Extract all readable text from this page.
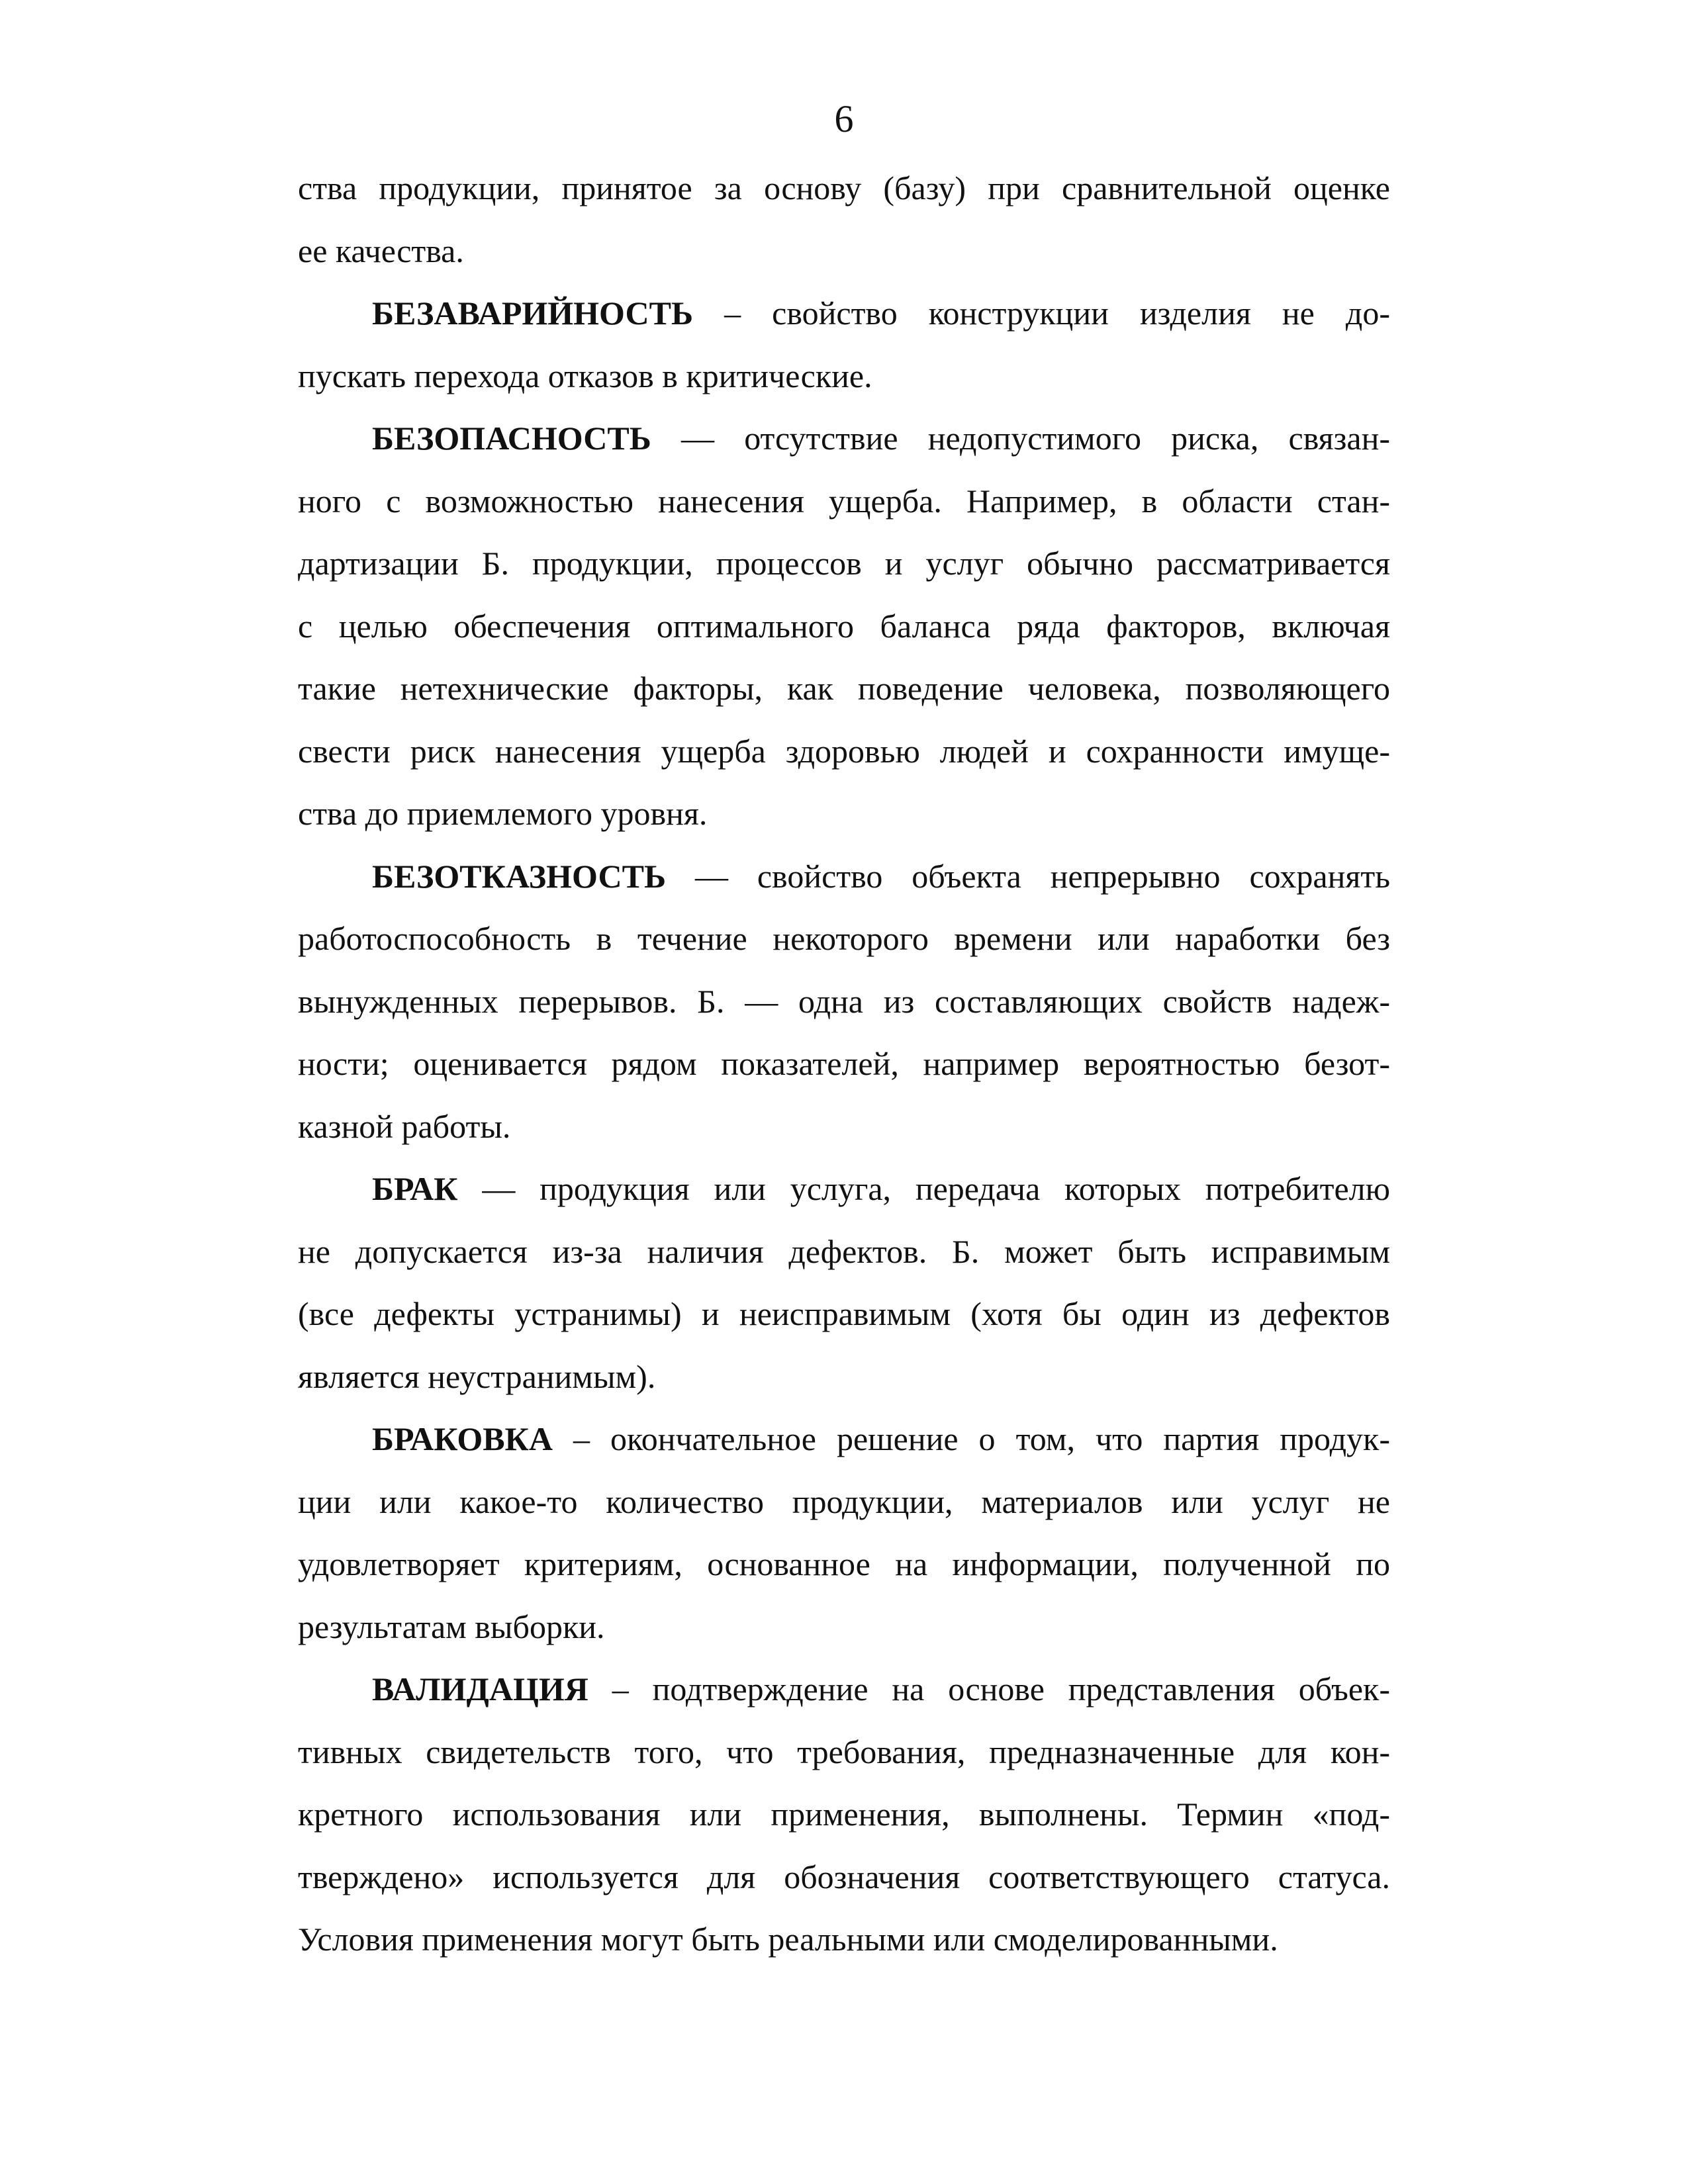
6
ства продукции, принятое за основу (базу) при сравнительной оценке
ее качества.
БЕЗАВАРИЙНОСТЬ – свойство конструкции изделия не до-
пускать перехода отказов в критические.
БЕЗОПАСНОСТЬ — отсутствие недопустимого риска, связан-
ного с возможностью нанесения ущерба. Например, в области стан-
дартизации Б. продукции, процессов и услуг обычно рассматривается
с целью обеспечения оптимального баланса ряда факторов, включая
такие нетехнические факторы, как поведение человека, позволяющего
свести риск нанесения ущерба здоровью людей и сохранности имуще-
ства до приемлемого уровня.
БЕЗОТКАЗНОСТЬ — свойство объекта непрерывно сохранять
работоспособность в течение некоторого времени или наработки без
вынужденных перерывов. Б. — одна из составляющих свойств надеж-
ности; оценивается рядом показателей, например вероятностью безот-
казной работы.
БРАК — продукция или услуга, передача которых потребителю
не допускается из-за наличия дефектов. Б. может быть исправимым
(все дефекты устранимы) и неисправимым (хотя бы один из дефектов
является неустранимым).
БРАКОВКА – окончательное решение о том, что партия продук-
ции или какое-то количество продукции, материалов или услуг не
удовлетворяет критериям, основанное на информации, полученной по
результатам выборки.
ВАЛИДАЦИЯ – подтверждение на основе представления объек-
тивных свидетельств того, что требования, предназначенные для кон-
кретного использования или применения, выполнены. Термин «под-
тверждено» используется для обозначения соответствующего статуса.
Условия применения могут быть реальными или смоделированными.
